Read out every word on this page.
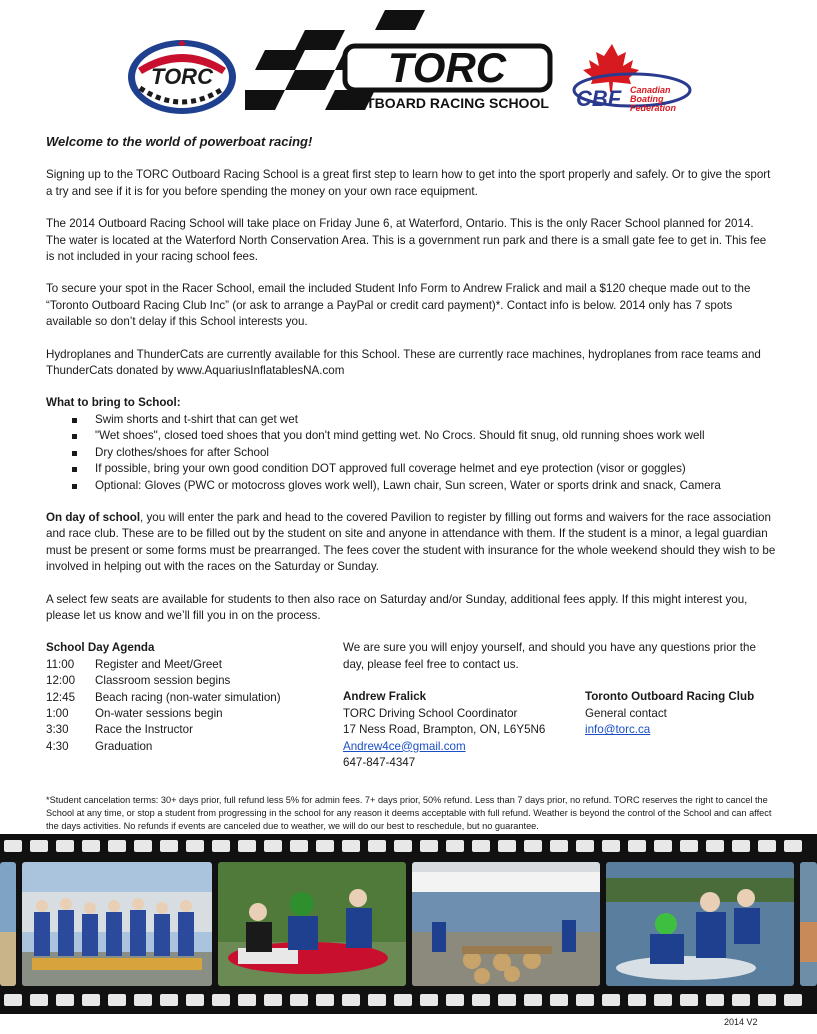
TORC	TORC
OUTBOARD RACING SCHOOL CBF Canadian
Boating
Federation
Welcome to the world of powerboat racing!
Signing up to the TORC Outboard Racing School is a great first step to learn how to get into the sport properly and safely. Or to give the sport a try and see if it is for you before spending the money on your own race equipment.
The 2014 Outboard Racing School will take place on Friday June 6, at Waterford, Ontario. This is the only Racer School planned for 2014. The water is located at the Waterford North Conservation Area. This is a government run park and there is a small gate fee to get in. This fee is not included in your racing school fees.
To secure your spot in the Racer School, email the included Student Info Form to Andrew Fralick and mail a $120 cheque made out to the “Toronto Outboard Racing Club Inc” (or ask to arrange a PayPal or credit card payment)*. Contact info is below. 2014 only has 7 spots available so don’t delay if this School interests you.
Hydroplanes and ThunderCats are currently available for this School. These are currently race machines, hydroplanes from race teams and ThunderCats donated by www.AquariusInflatablesNA.com
What to bring to School:
Swim shorts and t-shirt that can get wet
"Wet shoes", closed toed shoes that you don't mind getting wet. No Crocs. Should fit snug, old running shoes work well
Dry clothes/shoes for after School
If possible, bring your own good condition DOT approved full coverage helmet and eye protection (visor or goggles)
Optional: Gloves (PWC or motocross gloves work well), Lawn chair, Sun screen, Water or sports drink and snack, Camera
On day of school, you will enter the park and head to the covered Pavilion to register by filling out forms and waivers for the race association and race club. These are to be filled out by the student on site and anyone in attendance with them. If the student is a minor, a legal guardian must be present or some forms must be prearranged. The fees cover the student with insurance for the whole weekend should they wish to be involved in helping out with the races on the Saturday or Sunday.
A select few seats are available for students to then also race on Saturday and/or Sunday, additional fees apply. If this might interest you, please let us know and we’ll fill you in on the process.
School Day Agenda
11:00	Register and Meet/Greet
12:00	Classroom session begins
12:45	Beach racing (non-water simulation)
1:00	On-water sessions begin
3:30	Race the Instructor
4:30	Graduation
We are sure you will enjoy yourself, and should you have any questions prior the day, please feel free to contact us.
Andrew Fralick
TORC Driving School Coordinator
17 Ness Road, Brampton, ON, L6Y5N6
Andrew4ce@gmail.com
647-847-4347
Toronto Outboard Racing Club
General contact
info@torc.ca
*Student cancelation terms: 30+ days prior, full refund less 5% for admin fees. 7+ days prior, 50% refund. Less than 7 days prior, no refund. TORC reserves the right to cancel the School at any time, or stop a student from progressing in the school for any reason it deems acceptable with full refund. Weather is beyond the control of the School and can affect the days activities. No refunds if events are canceled due to weather, we will do our best to reschedule, but no guarantee.
2014 V2
